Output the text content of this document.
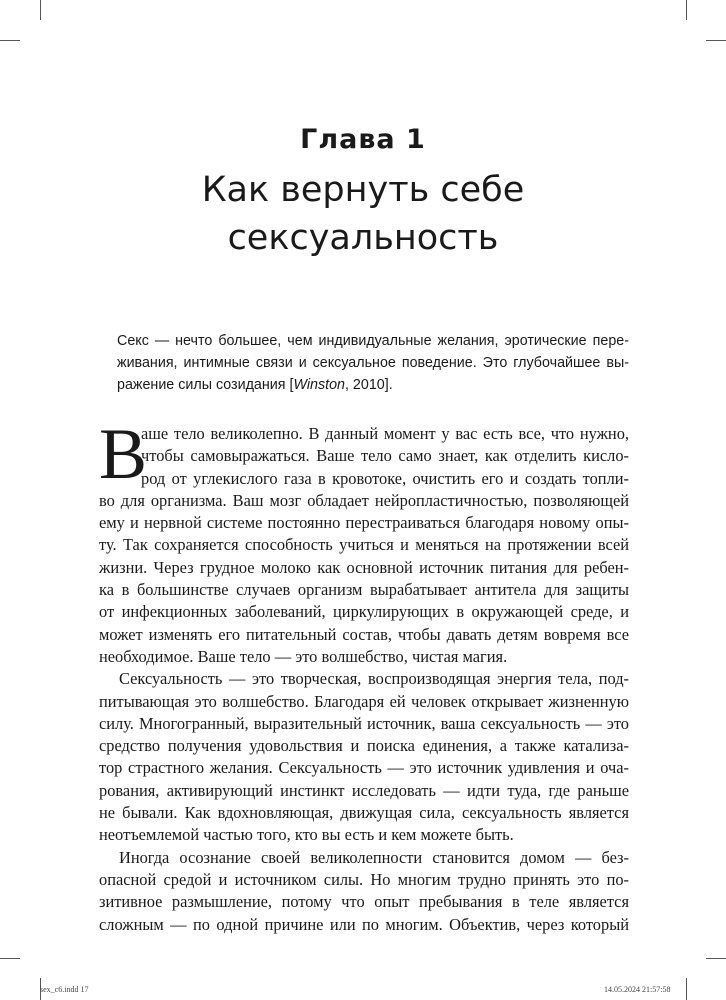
Глава 1
Как вернуть себе
сексуальность
Секс — нечто большее, чем индивидуальные желания, эротические пере-
живания, интимные связи и сексуальное поведение. Это глубочайшее вы-
ражение силы созидания [Winston, 2010].
В
аше тело великолепно. В данный момент у вас есть все, что нужно,
чтобы самовыражаться. Ваше тело само знает, как отделить кисло-
род от углекислого газа в кровотоке, очистить его и создать топли-
во для организма. Ваш мозг обладает нейропластичностью, позволяющей
ему и нервной системе постоянно перестраиваться благодаря новому опы-
ту. Так сохраняется способность учиться и меняться на протяжении всей
жизни. Через грудное молоко как основной источник питания для ребен-
ка в большинстве случаев организм вырабатывает антитела для защиты
от инфекционных заболеваний, циркулирующих в окружающей среде, и
может изменять его питательный состав, чтобы давать детям вовремя все
необходимое. Ваше тело — это волшебство, чистая магия.
Сексуальность — это творческая, воспроизводящая энергия тела, под-
питывающая это волшебство. Благодаря ей человек открывает жизненную
силу. Многогранный, выразительный источник, ваша сексуальность — это
средство получения удовольствия и поиска единения, а также катализа-
тор страстного желания. Сексуальность — это источник удивления и оча-
рования, активирующий инстинкт исследовать — идти туда, где раньше
не бывали. Как вдохновляющая, движущая сила, сексуальность является
неотъемлемой частью того, кто вы есть и кем можете быть.
Иногда осознание своей великолепности становится домом — без-
опасной средой и источником силы. Но многим трудно принять это по-
зитивное размышление, потому что опыт пребывания в теле является
сложным — по одной причине или по многим. Объектив, через который
sex_c6.indd 17	14.05.2024 21:57:58
